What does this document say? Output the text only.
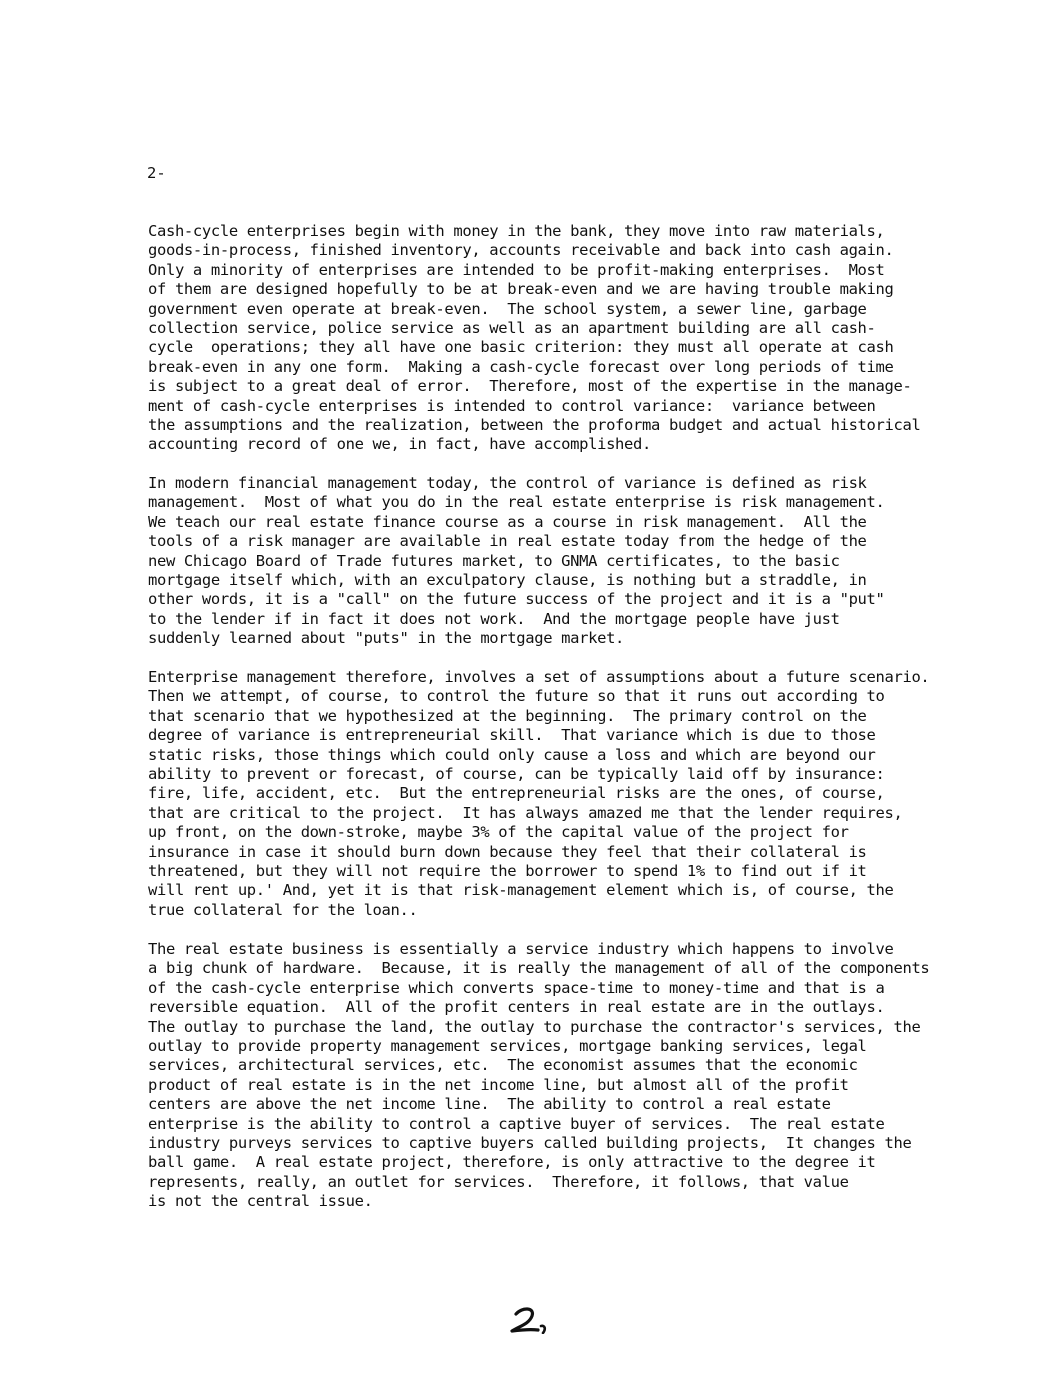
2-

Cash-cycle enterprises begin with money in the bank, they move into raw materials,
goods-in-process, finished inventory, accounts receivable and back into cash again.
Only a minority of enterprises are intended to be profit-making enterprises.  Most
of them are designed hopefully to be at break-even and we are having trouble making
government even operate at break-even.  The school system, a sewer line, garbage
collection service, police service as well as an apartment building are all cash-
cycle  operations; they all have one basic criterion: they must all operate at cash
break-even in any one form.  Making a cash-cycle forecast over long periods of time
is subject to a great deal of error.  Therefore, most of the expertise in the manage-
ment of cash-cycle enterprises is intended to control variance:  variance between
the assumptions and the realization, between the proforma budget and actual historical
accounting record of one we, in fact, have accomplished.

In modern financial management today, the control of variance is defined as risk
management.  Most of what you do in the real estate enterprise is risk management.
We teach our real estate finance course as a course in risk management.  All the
tools of a risk manager are available in real estate today from the hedge of the
new Chicago Board of Trade futures market, to GNMA certificates, to the basic
mortgage itself which, with an exculpatory clause, is nothing but a straddle, in
other words, it is a "call" on the future success of the project and it is a "put"
to the lender if in fact it does not work.  And the mortgage people have just
suddenly learned about "puts" in the mortgage market.

Enterprise management therefore, involves a set of assumptions about a future scenario.
Then we attempt, of course, to control the future so that it runs out according to
that scenario that we hypothesized at the beginning.  The primary control on the
degree of variance is entrepreneurial skill.  That variance which is due to those
static risks, those things which could only cause a loss and which are beyond our
ability to prevent or forecast, of course, can be typically laid off by insurance:
fire, life, accident, etc.  But the entrepreneurial risks are the ones, of course,
that are critical to the project.  It has always amazed me that the lender requires,
up front, on the down-stroke, maybe 3% of the capital value of the project for
insurance in case it should burn down because they feel that their collateral is
threatened, but they will not require the borrower to spend 1% to find out if it
will rent up.' And, yet it is that risk-management element which is, of course, the
true collateral for the loan..

The real estate business is essentially a service industry which happens to involve
a big chunk of hardware.  Because, it is really the management of all of the components
of the cash-cycle enterprise which converts space-time to money-time and that is a
reversible equation.  All of the profit centers in real estate are in the outlays.
The outlay to purchase the land, the outlay to purchase the contractor's services, the
outlay to provide property management services, mortgage banking services, legal
services, architectural services, etc.  The economist assumes that the economic
product of real estate is in the net income line, but almost all of the profit
centers are above the net income line.  The ability to control a real estate
enterprise is the ability to control a captive buyer of services.  The real estate
industry purveys services to captive buyers called building projects,  It changes the
ball game.  A real estate project, therefore, is only attractive to the degree it
represents, really, an outlet for services.  Therefore, it follows, that value
is not the central issue.
